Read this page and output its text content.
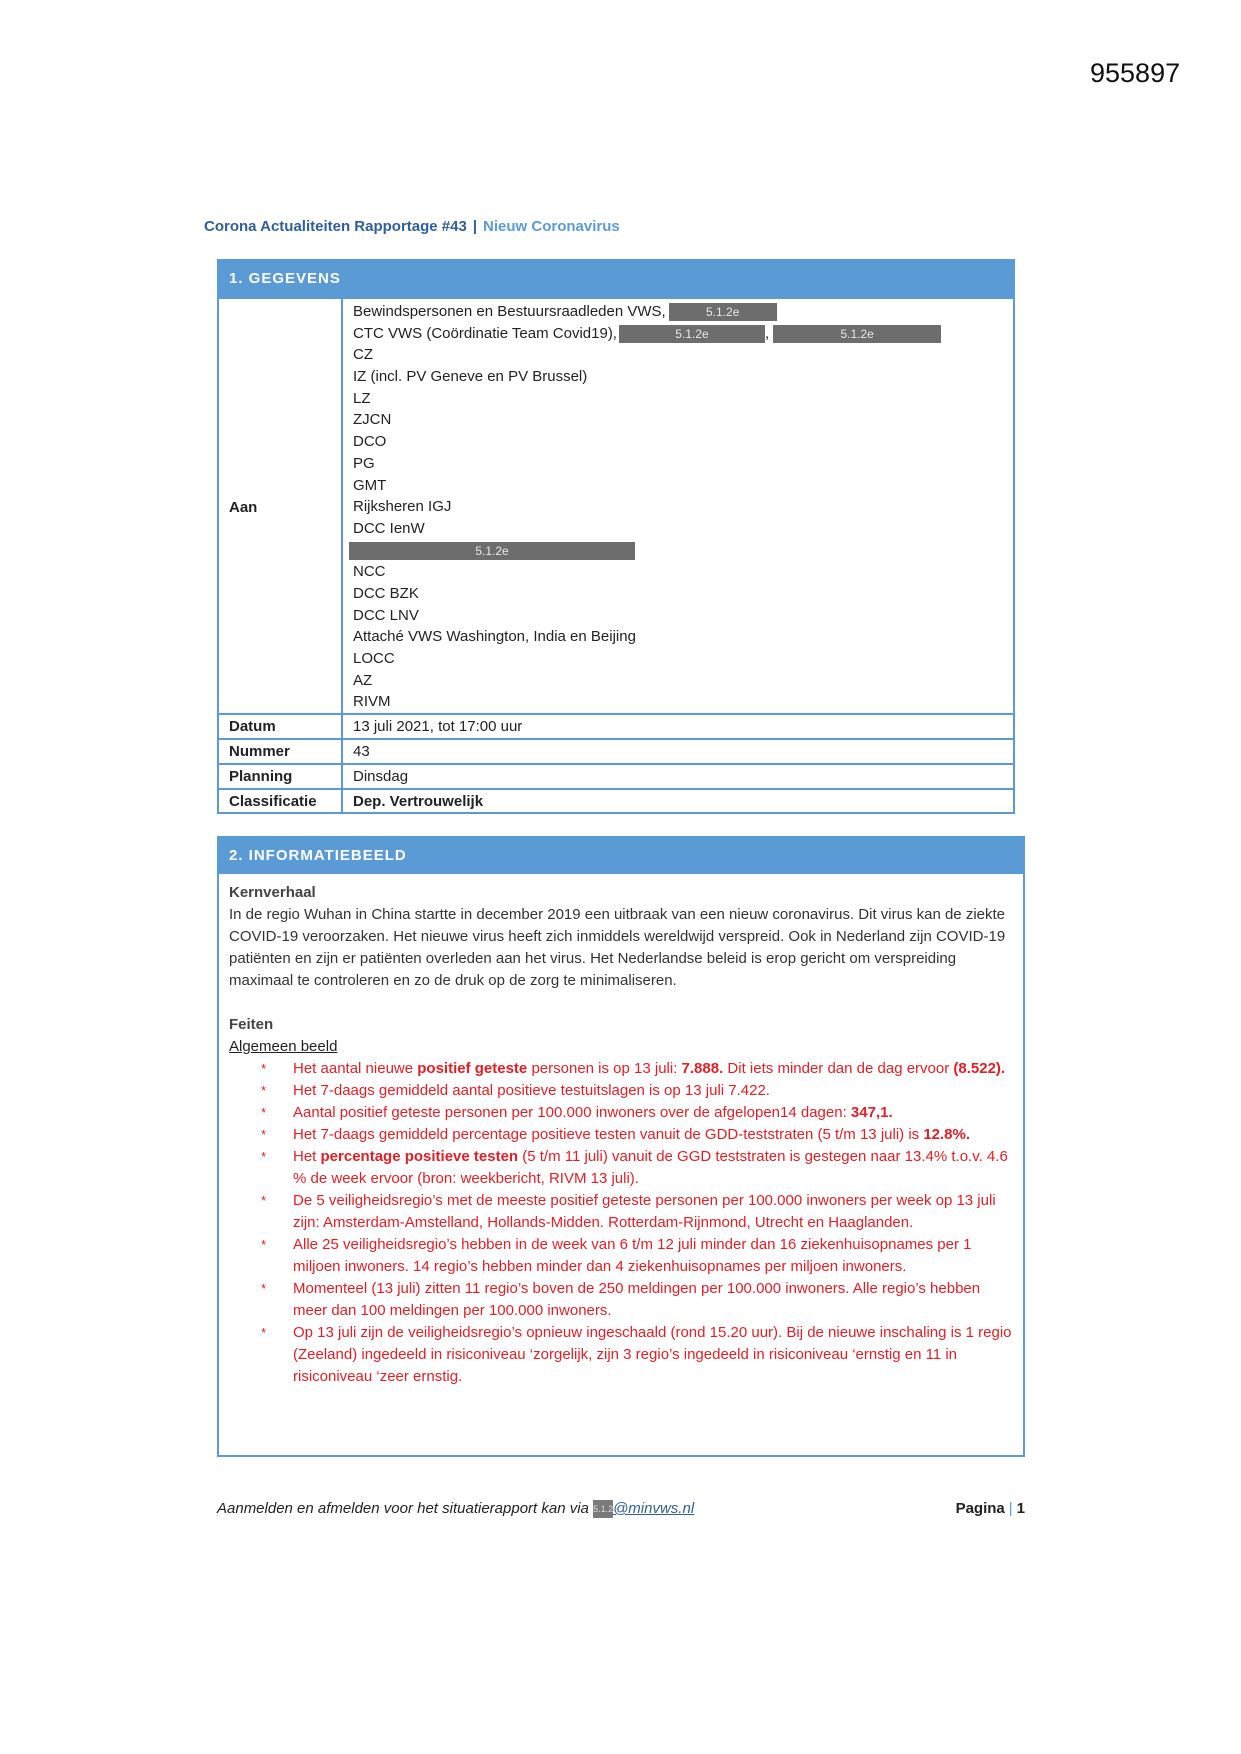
955897
Corona Actualiteiten Rapportage #43 | Nieuw Coronavirus
1. GEGEVENS
Aan
Bewindspersonen en Bestuursraadleden VWS,	5.1.2e
CTC VWS (Coördinatie Team Covid19),	5.1.2e	,	5.1.2e
CZ
IZ (incl. PV Geneve en PV Brussel)
LZ
ZJCN
DCO
PG
GMT
Rijksheren IGJ
DCC IenW
5.1.2e
NCC
DCC BZK
DCC LNV
Attaché VWS Washington, India en Beijing
LOCC
AZ
RIVM
Datum	13 juli 2021, tot 17:00 uur
Nummer	43
Planning	Dinsdag
Classificatie Dep. Vertrouwelijk
2. INFORMATIEBEELD
Kernverhaal
In de regio Wuhan in China startte in december 2019 een uitbraak van een nieuw coronavirus. Dit virus kan de ziekte COVID-19 veroorzaken. Het nieuwe virus heeft zich inmiddels wereldwijd verspreid. Ook in Nederland zijn COVID-19 patiënten en zijn er patiënten overleden aan het virus. Het Nederlandse beleid is erop gericht om verspreiding maximaal te controleren en zo de druk op de zorg te minimaliseren.
Feiten
Algemeen beeld
* Het aantal nieuwe positief geteste personen is op 13 juli: 7.888. Dit iets minder dan de dag ervoor (8.522).
* Het 7-daags gemiddeld aantal positieve testuitslagen is op 13 juli 7.422.
* Aantal positief geteste personen per 100.000 inwoners over de afgelopen14 dagen: 347,1.
* Het 7-daags gemiddeld percentage positieve testen vanuit de GDD-teststraten (5 t/m 13 juli) is 12.8%.
* Het percentage positieve testen (5 t/m 11 juli) vanuit de GGD teststraten is gestegen naar 13.4% t.o.v. 4.6 % de week ervoor (bron: weekbericht, RIVM 13 juli).
* De 5 veiligheidsregio’s met de meeste positief geteste personen per 100.000 inwoners per week op 13 juli zijn: Amsterdam-Amstelland, Hollands-Midden. Rotterdam-Rijnmond, Utrecht en Haaglanden.
* Alle 25 veiligheidsregio’s hebben in de week van 6 t/m 12 juli minder dan 16 ziekenhuisopnames per 1 miljoen inwoners. 14 regio’s hebben minder dan 4 ziekenhuisopnames per miljoen inwoners.
* Momenteel (13 juli) zitten 11 regio’s boven de 250 meldingen per 100.000 inwoners. Alle regio’s hebben meer dan 100 meldingen per 100.000 inwoners.
* Op 13 juli zijn de veiligheidsregio’s opnieuw ingeschaald (rond 15.20 uur). Bij de nieuwe inschaling is 1 regio (Zeeland) ingedeeld in risiconiveau ‘zorgelijk, zijn 3 regio’s ingedeeld in risiconiveau ‘ernstig en 11 in risiconiveau ‘zeer ernstig.
Aanmelden en afmelden voor het situatierapport kan via 5.1.2e@minvws.nl	Pagina | 1
